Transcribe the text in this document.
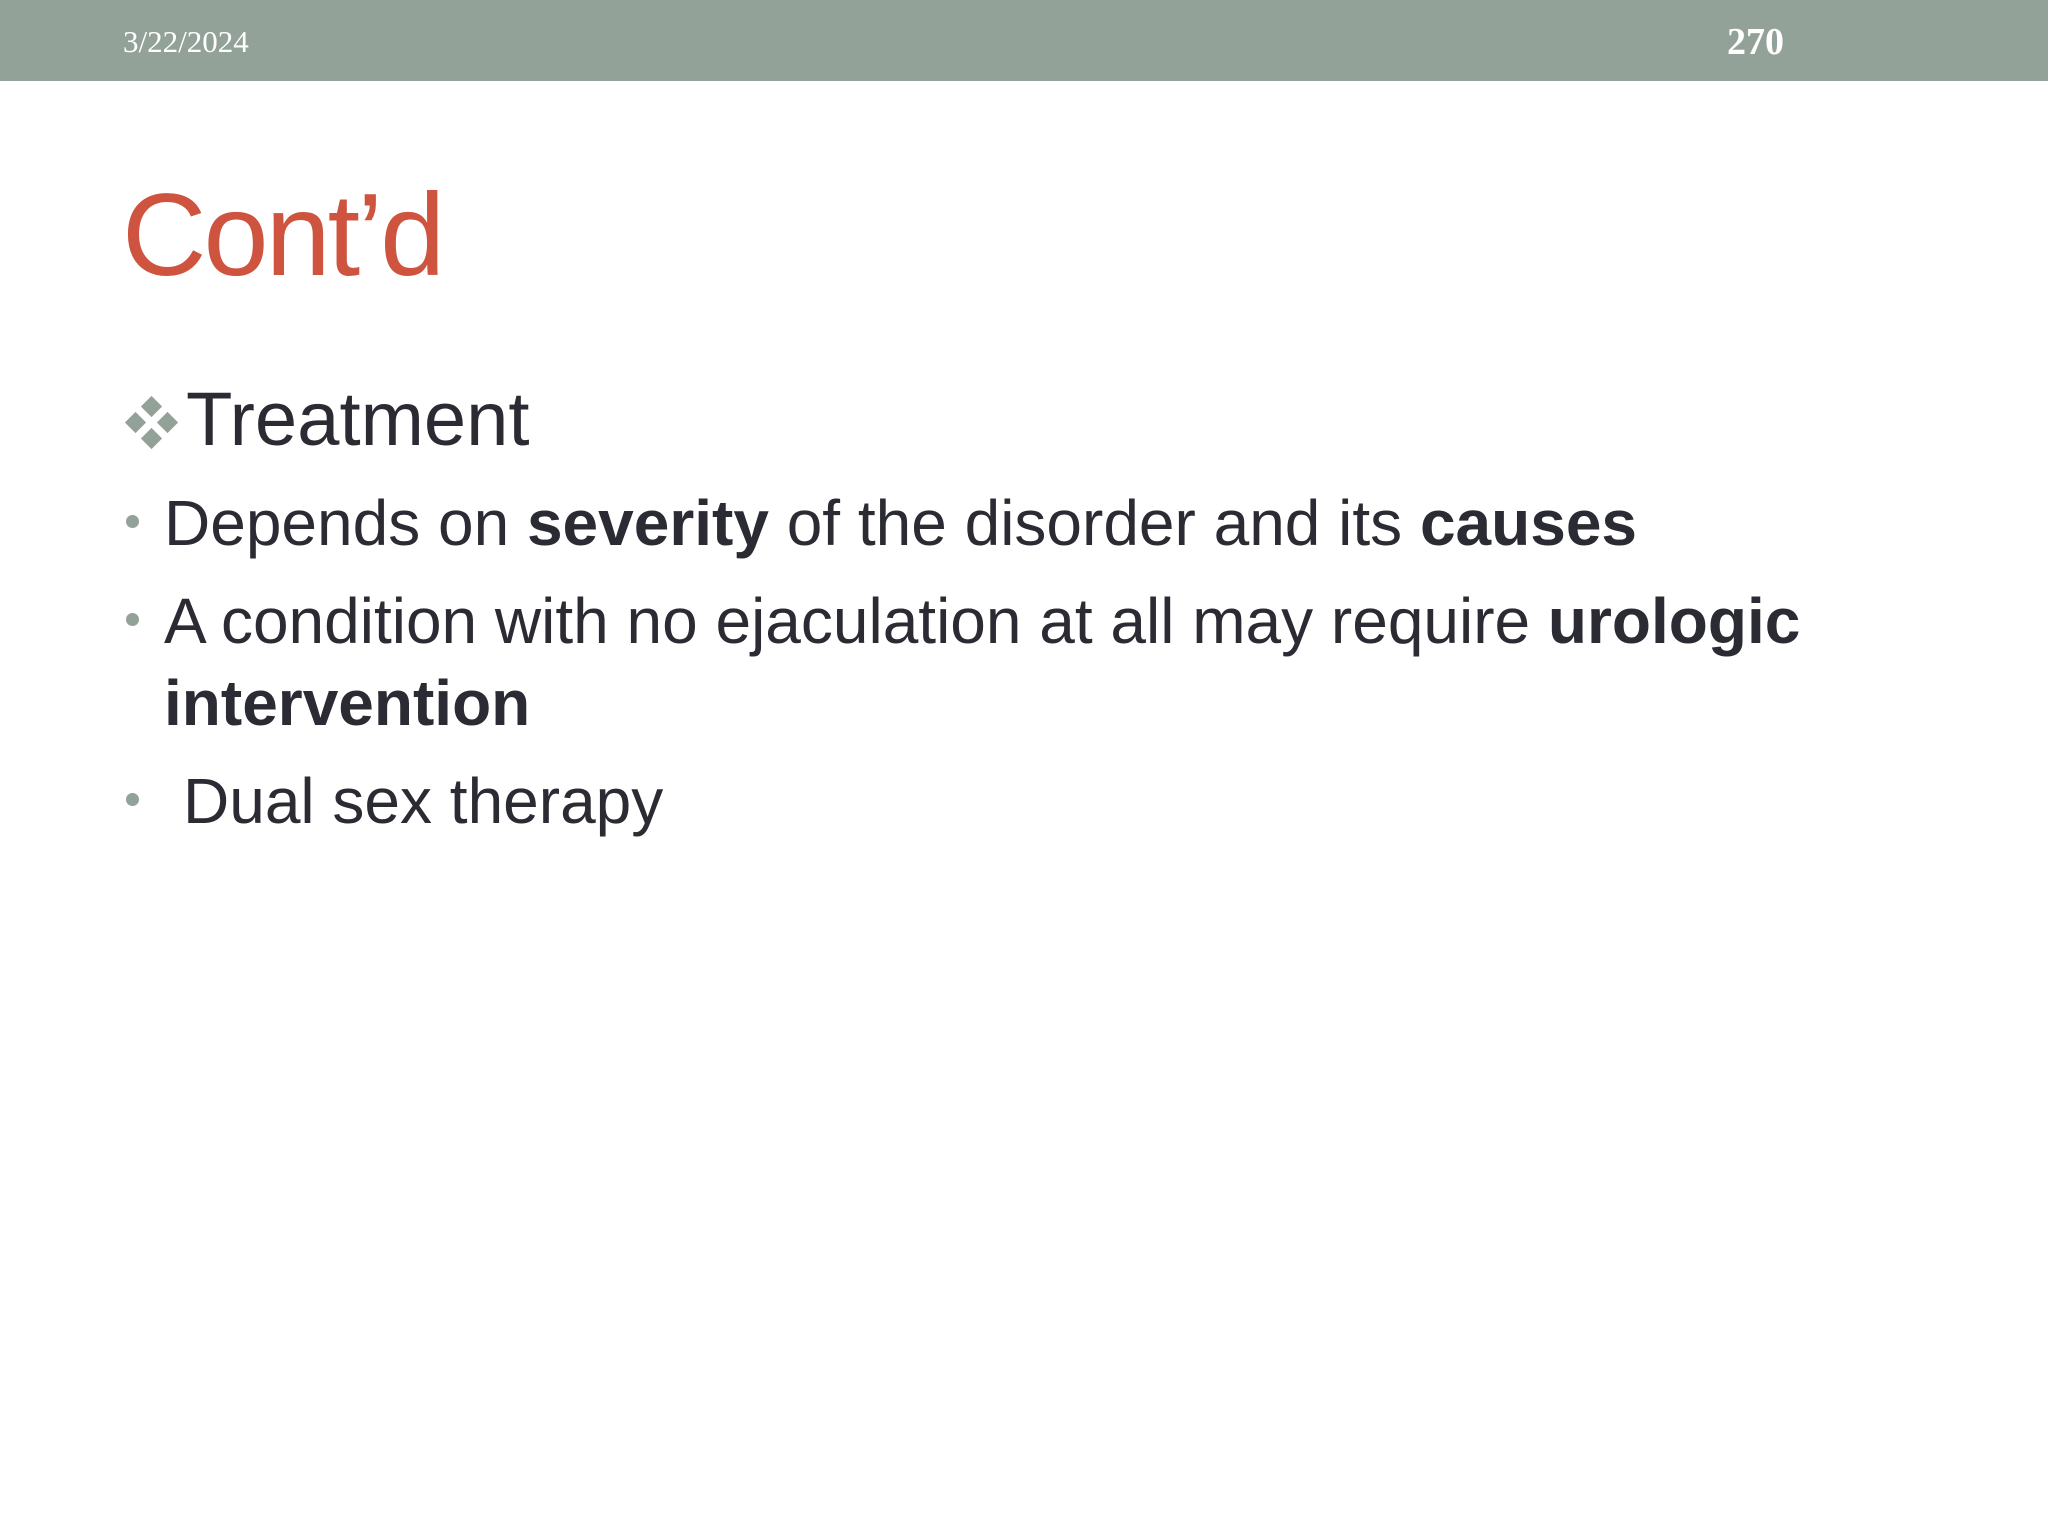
3/22/2024	270
Cont’d
Treatment
Depends on severity of the disorder and its causes
A condition with no ejaculation at all may require urologic intervention
Dual sex therapy
